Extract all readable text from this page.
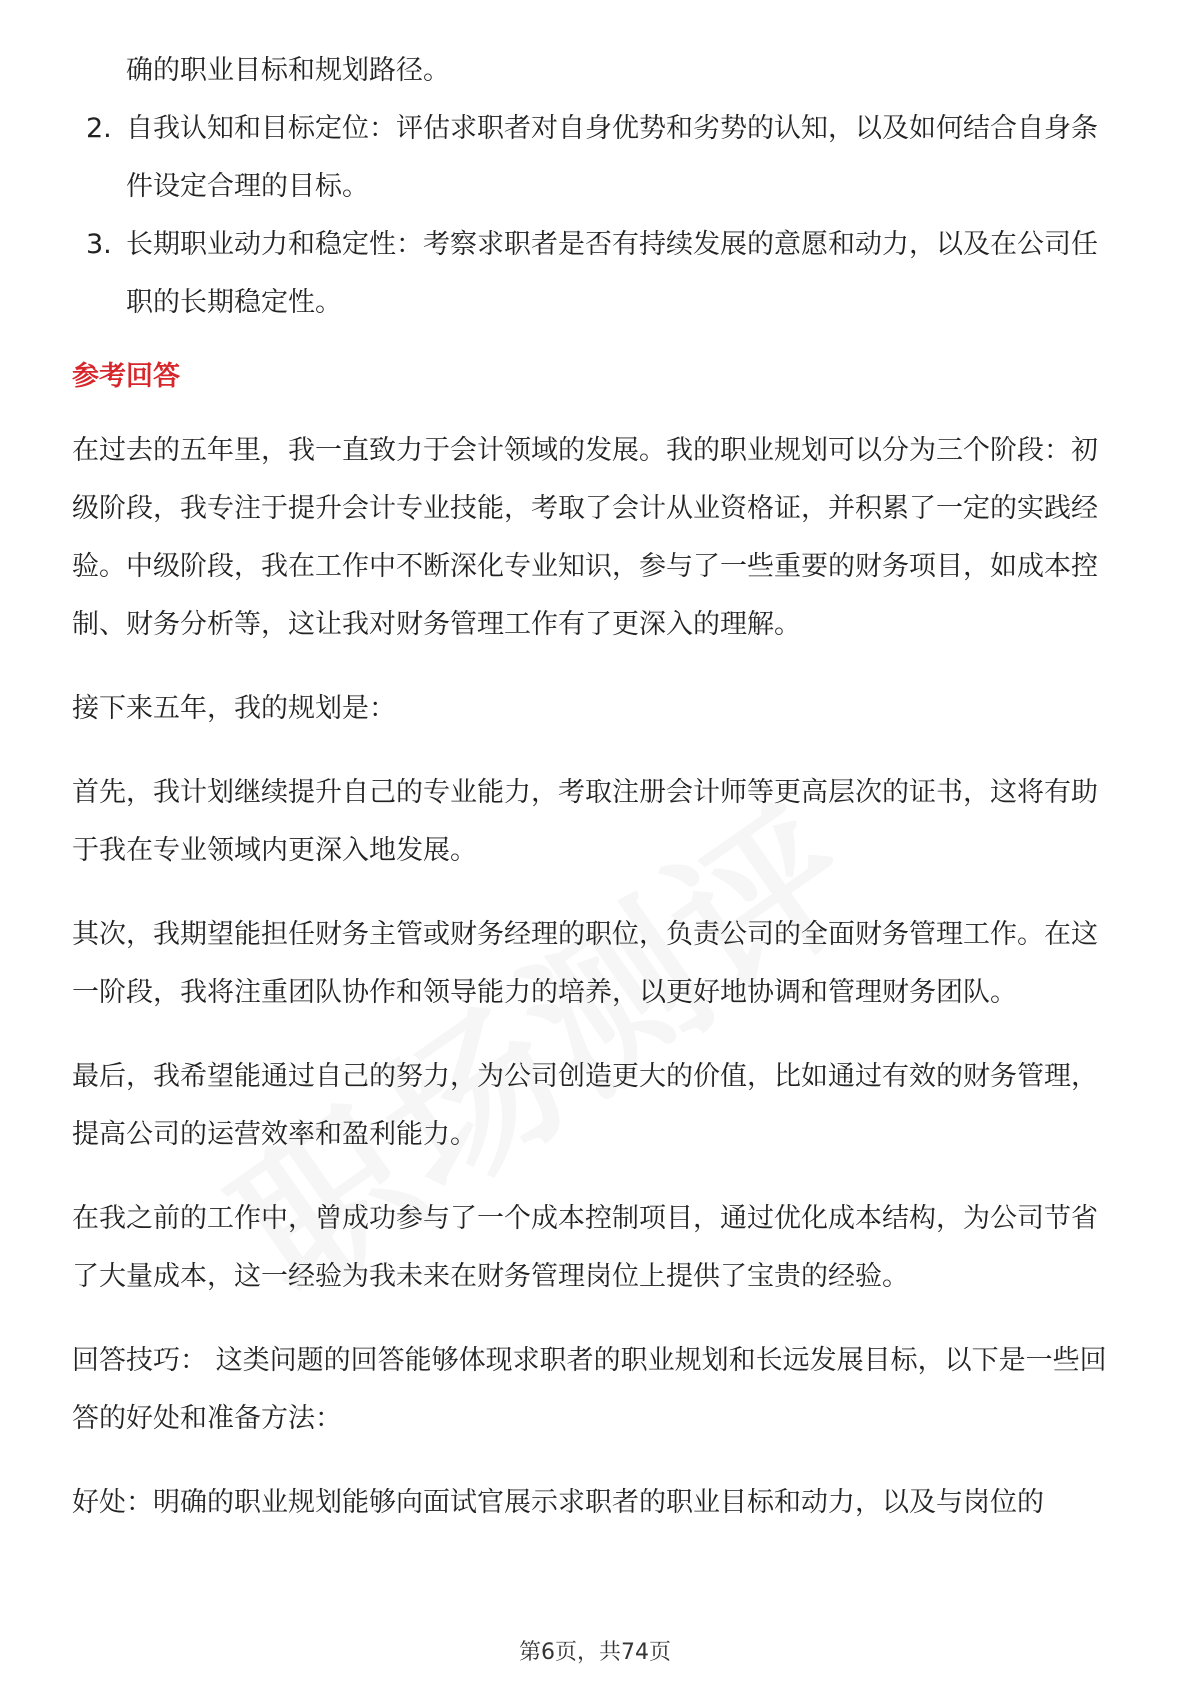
确的职业目标和规划路径。

2. 自我认知和目标定位：评估求职者对自身优势和劣势的认知，以及如何结合自身条件设定合理的目标。
3. 长期职业动力和稳定性：考察求职者是否有持续发展的意愿和动力，以及在公司任职的长期稳定性。

参考回答

在过去的五年里，我一直致力于会计领域的发展。我的职业规划可以分为三个阶段：初级阶段，我专注于提升会计专业技能，考取了会计从业资格证，并积累了一定的实践经验。中级阶段，我在工作中不断深化专业知识，参与了一些重要的财务项目，如成本控制、财务分析等，这让我对财务管理工作有了更深入的理解。

接下来五年，我的规划是：

首先，我计划继续提升自己的专业能力，考取注册会计师等更高层次的证书，这将有助于我在专业领域内更深入地发展。

其次，我期望能担任财务主管或财务经理的职位，负责公司的全面财务管理工作。在这一阶段，我将注重团队协作和领导能力的培养，以更好地协调和管理财务团队。

最后，我希望能通过自己的努力，为公司创造更大的价值，比如通过有效的财务管理，提高公司的运营效率和盈利能力。

在我之前的工作中，曾成功参与了一个成本控制项目，通过优化成本结构，为公司节省了大量成本，这一经验为我未来在财务管理岗位上提供了宝贵的经验。

回答技巧： 这类问题的回答能够体现求职者的职业规划和长远发展目标，以下是一些回答的好处和准备方法：

好处：明确的职业规划能够向面试官展示求职者的职业目标和动力，以及与岗位的

第6页，共74页
